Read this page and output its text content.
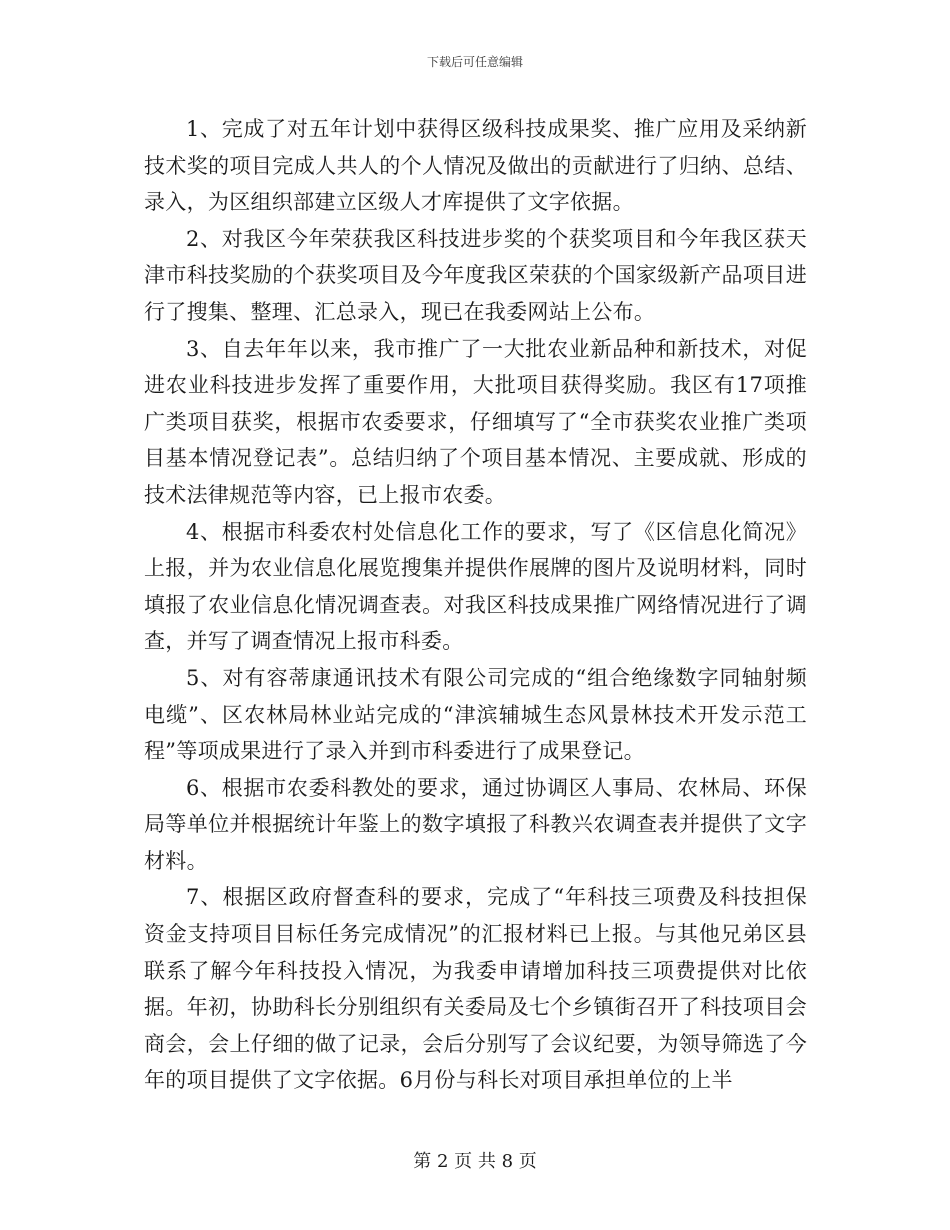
下载后可任意编辑

1、完成了对五年计划中获得区级科技成果奖、推广应用及采纳新技术奖的项目完成人共人的个人情况及做出的贡献进行了归纳、总结、录入，为区组织部建立区级人才库提供了文字依据。

2、对我区今年荣获我区科技进步奖的个获奖项目和今年我区获天津市科技奖励的个获奖项目及今年度我区荣获的个国家级新产品项目进行了搜集、整理、汇总录入，现已在我委网站上公布。

3、自去年年以来，我市推广了一大批农业新品种和新技术，对促进农业科技进步发挥了重要作用，大批项目获得奖励。我区有17项推广类项目获奖，根据市农委要求，仔细填写了“全市获奖农业推广类项目基本情况登记表”。总结归纳了个项目基本情况、主要成就、形成的技术法律规范等内容，已上报市农委。

4、根据市科委农村处信息化工作的要求，写了《区信息化简况》上报，并为农业信息化展览搜集并提供作展牌的图片及说明材料，同时填报了农业信息化情况调查表。对我区科技成果推广网络情况进行了调查，并写了调查情况上报市科委。

5、对有容蒂康通讯技术有限公司完成的“组合绝缘数字同轴射频电缆”、区农林局林业站完成的“津滨辅城生态风景林技术开发示范工程”等项成果进行了录入并到市科委进行了成果登记。

6、根据市农委科教处的要求，通过协调区人事局、农林局、环保局等单位并根据统计年鉴上的数字填报了科教兴农调查表并提供了文字材料。

7、根据区政府督查科的要求，完成了“年科技三项费及科技担保资金支持项目目标任务完成情况”的汇报材料已上报。与其他兄弟区县联系了解今年科技投入情况，为我委申请增加科技三项费提供对比依据。年初，协助科长分别组织有关委局及七个乡镇街召开了科技项目会商会，会上仔细的做了记录，会后分别写了会议纪要，为领导筛选了今年的项目提供了文字依据。6月份与科长对项目承担单位的上半

第 2 页 共 8 页
